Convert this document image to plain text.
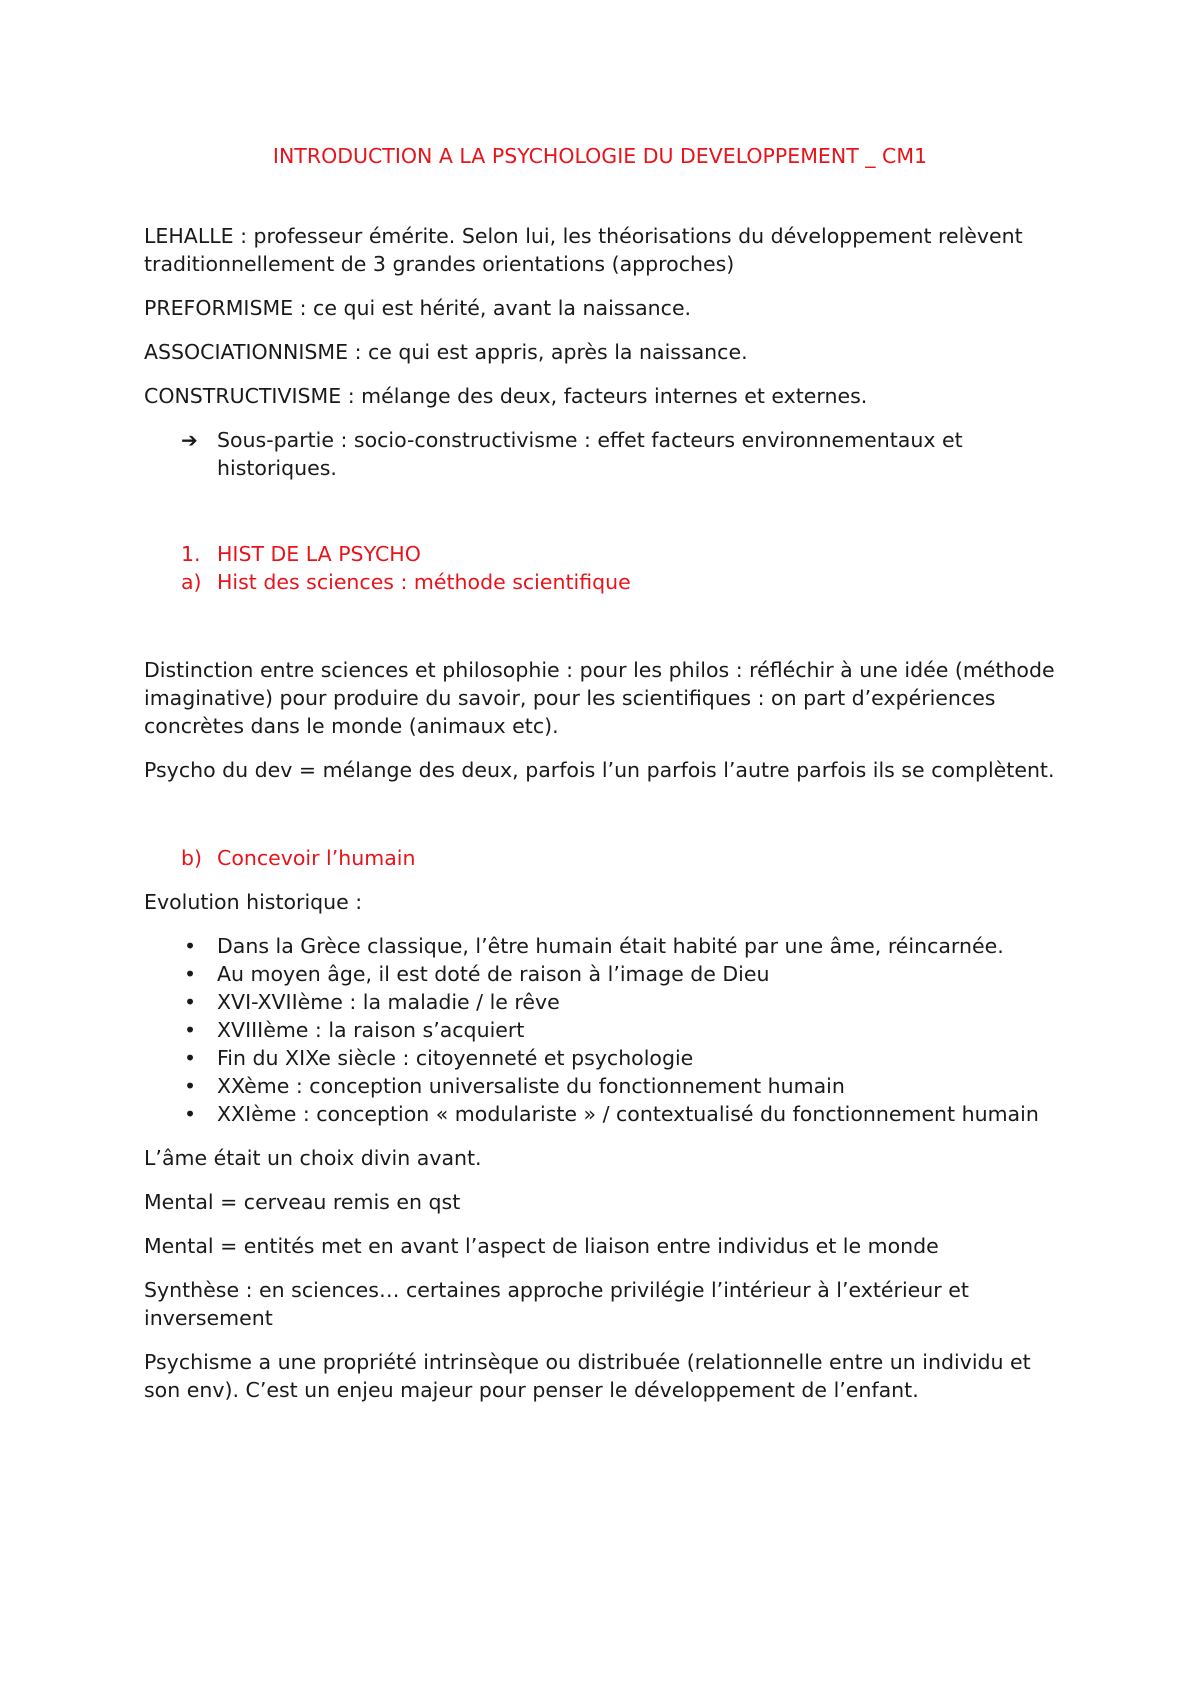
INTRODUCTION A LA PSYCHOLOGIE DU DEVELOPPEMENT _ CM1

LEHALLE : professeur émérite. Selon lui, les théorisations du développement relèvent traditionnellement de 3 grandes orientations (approches)

PREFORMISME : ce qui est hérité, avant la naissance.

ASSOCIATIONNISME : ce qui est appris, après la naissance.

CONSTRUCTIVISME : mélange des deux, facteurs internes et externes.

➔ Sous-partie : socio-constructivisme : effet facteurs environnementaux et historiques.
1. HIST DE LA PSYCHO
a) Hist des sciences : méthode scientifique

Distinction entre sciences et philosophie : pour les philos : réfléchir à une idée (méthode imaginative) pour produire du savoir, pour les scientifiques : on part d’expériences concrètes dans le monde (animaux etc).

Psycho du dev = mélange des deux, parfois l’un parfois l’autre parfois ils se complètent.

b) Concevoir l’humain

Evolution historique :

• Dans la Grèce classique, l’être humain était habité par une âme, réincarnée.
• Au moyen âge, il est doté de raison à l’image de Dieu
• XVI-XVIIème : la maladie / le rêve
• XVIIIème : la raison s’acquiert
• Fin du XIXe siècle : citoyenneté et psychologie
• XXème : conception universaliste du fonctionnement humain
• XXIème : conception « modulariste » / contextualisé du fonctionnement humain

L’âme était un choix divin avant.

Mental = cerveau remis en qst

Mental = entités met en avant l’aspect de liaison entre individus et le monde

Synthèse : en sciences… certaines approche privilégie l’intérieur à l’extérieur et inversement

Psychisme a une propriété intrinsèque ou distribuée (relationnelle entre un individu et son env). C’est un enjeu majeur pour penser le développement de l’enfant.
